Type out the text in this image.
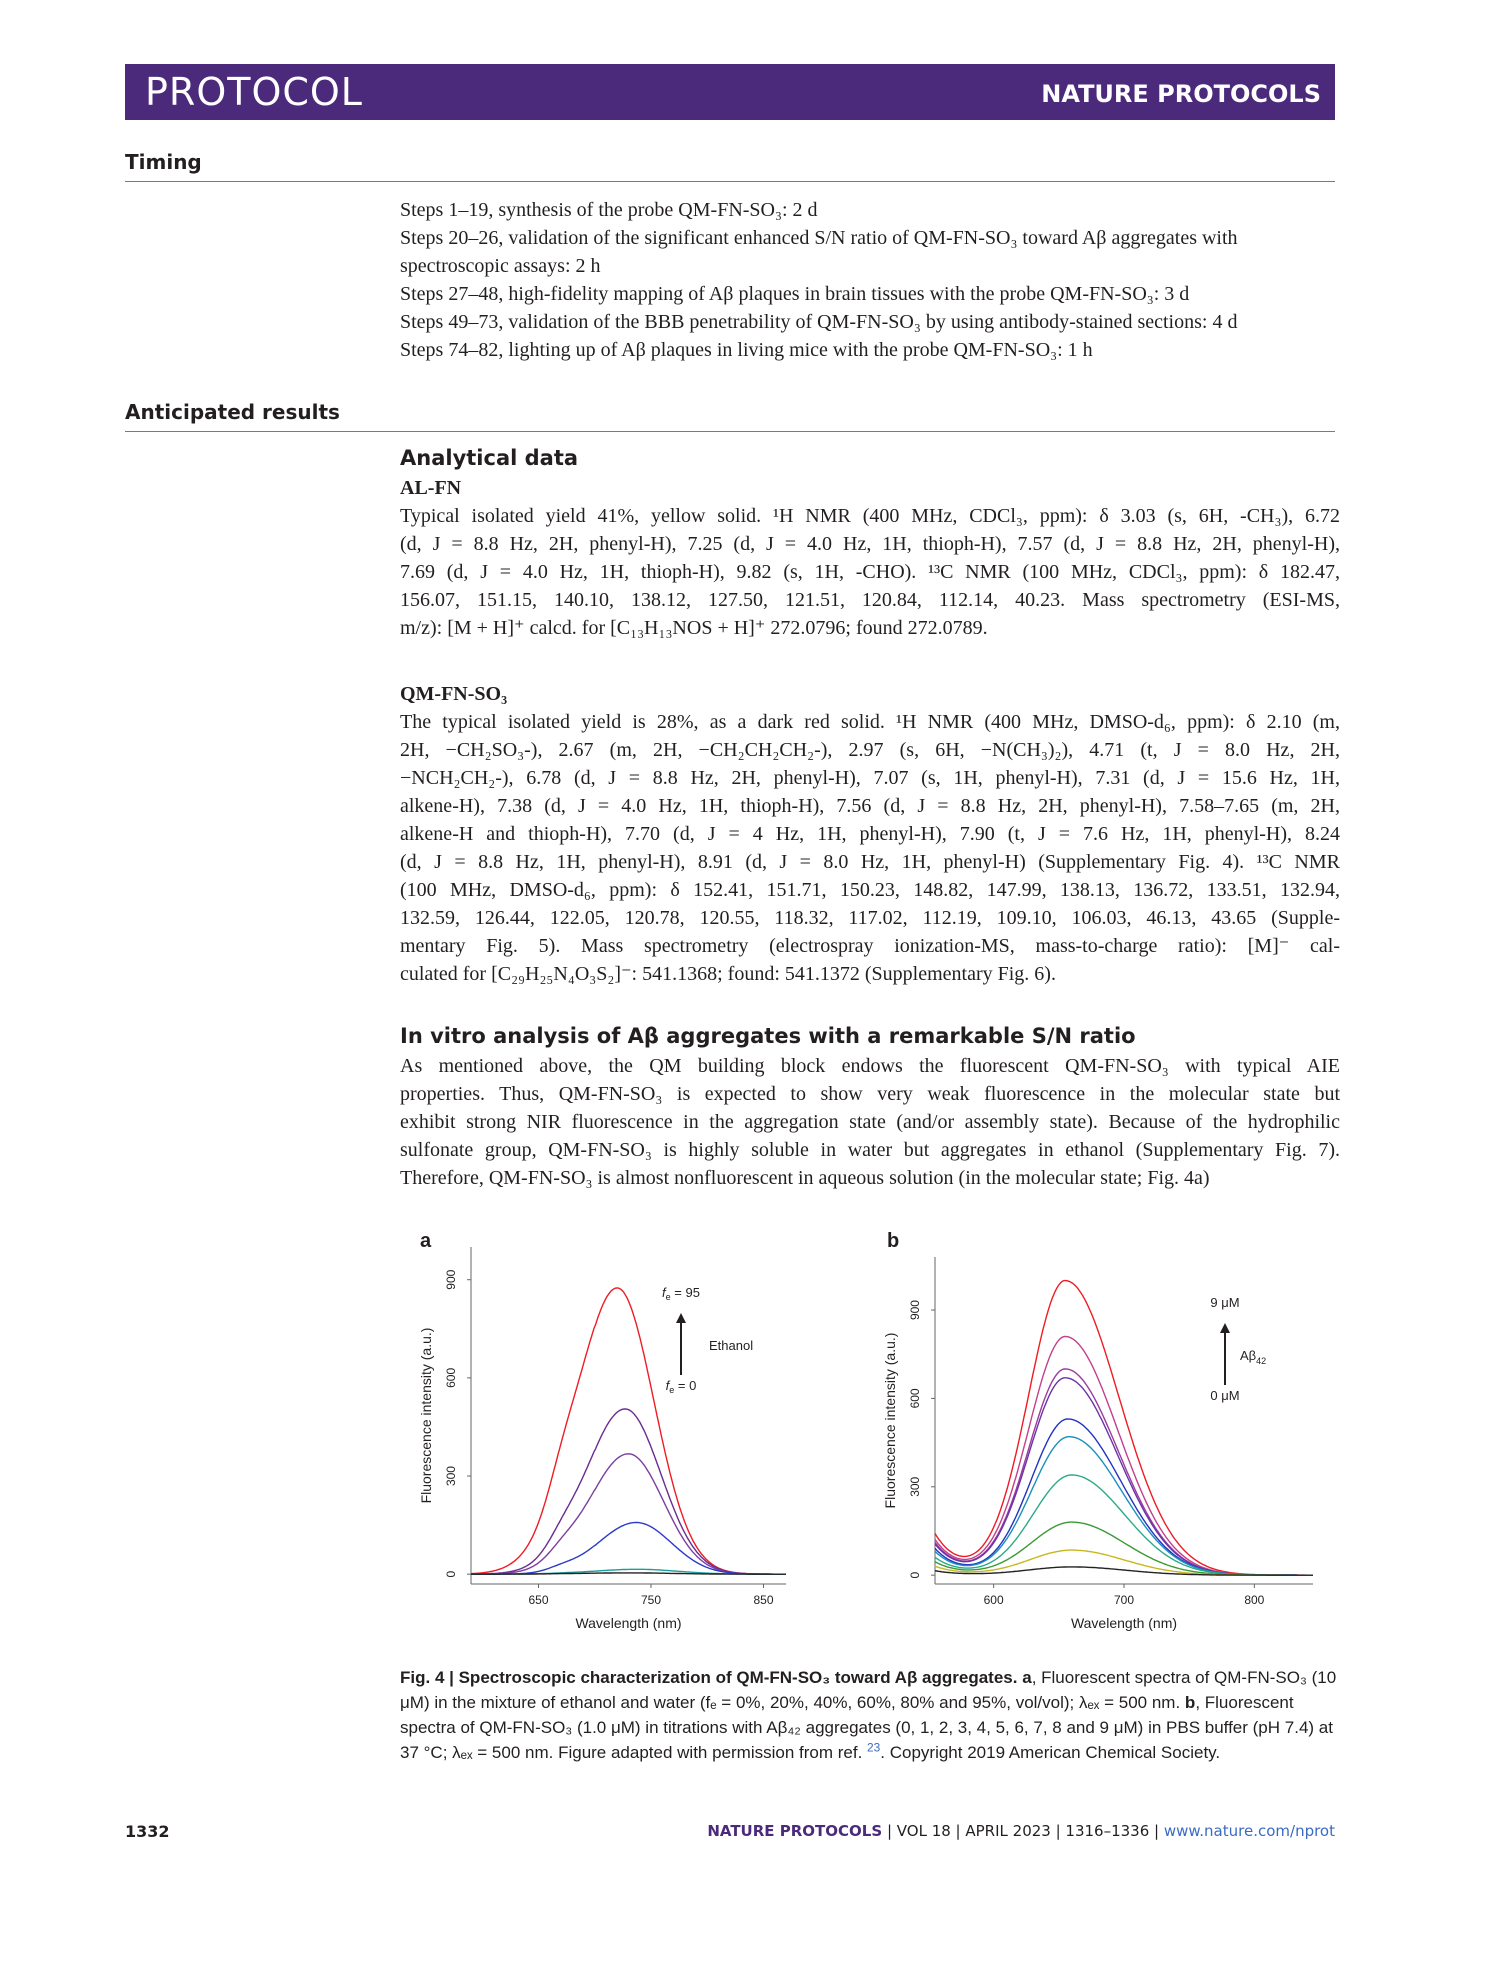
PROTOCOL	NATURE PROTOCOLS
Timing
Steps 1–19, synthesis of the probe QM-FN-SO₃: 2 d
Steps 20–26, validation of the significant enhanced S/N ratio of QM-FN-SO₃ toward Aβ aggregates with
spectroscopic assays: 2 h
Steps 27–48, high-fidelity mapping of Aβ plaques in brain tissues with the probe QM-FN-SO₃: 3 d
Steps 49–73, validation of the BBB penetrability of QM-FN-SO₃ by using antibody-stained sections: 4 d
Steps 74–82, lighting up of Aβ plaques in living mice with the probe QM-FN-SO₃: 1 h
Anticipated results
Analytical data
AL-FN
Typical isolated yield 41%, yellow solid. ¹H NMR (400 MHz, CDCl₃, ppm): δ 3.03 (s, 6H, -CH₃), 6.72
(d, J = 8.8 Hz, 2H, phenyl-H), 7.25 (d, J = 4.0 Hz, 1H, thioph-H), 7.57 (d, J = 8.8 Hz, 2H, phenyl-H),
7.69 (d, J = 4.0 Hz, 1H, thioph-H), 9.82 (s, 1H, -CHO). ¹³C NMR (100 MHz, CDCl₃, ppm): δ 182.47,
156.07, 151.15, 140.10, 138.12, 127.50, 121.51, 120.84, 112.14, 40.23. Mass spectrometry (ESI-MS,
m/z): [M + H]⁺ calcd. for [C₁₃H₁₃NOS + H]⁺ 272.0796; found 272.0789.
QM-FN-SO₃
The typical isolated yield is 28%, as a dark red solid. ¹H NMR (400 MHz, DMSO-d₆, ppm): δ 2.10 (m,
2H, −CH₂SO₃-), 2.67 (m, 2H, −CH₂CH₂CH₂-), 2.97 (s, 6H, −N(CH₃)₂), 4.71 (t, J = 8.0 Hz, 2H,
−NCH₂CH₂-), 6.78 (d, J = 8.8 Hz, 2H, phenyl-H), 7.07 (s, 1H, phenyl-H), 7.31 (d, J = 15.6 Hz, 1H,
alkene-H), 7.38 (d, J = 4.0 Hz, 1H, thioph-H), 7.56 (d, J = 8.8 Hz, 2H, phenyl-H), 7.58–7.65 (m, 2H,
alkene-H and thioph-H), 7.70 (d, J = 4 Hz, 1H, phenyl-H), 7.90 (t, J = 7.6 Hz, 1H, phenyl-H), 8.24
(d, J = 8.8 Hz, 1H, phenyl-H), 8.91 (d, J = 8.0 Hz, 1H, phenyl-H) (Supplementary Fig. 4). ¹³C NMR
(100 MHz, DMSO-d₆, ppm): δ 152.41, 151.71, 150.23, 148.82, 147.99, 138.13, 136.72, 133.51, 132.94,
132.59, 126.44, 122.05, 120.78, 120.55, 118.32, 117.02, 112.19, 109.10, 106.03, 46.13, 43.65 (Supple-
mentary Fig. 5). Mass spectrometry (electrospray ionization-MS, mass-to-charge ratio): [M]⁻ cal-
culated for [C₂₉H₂₅N₄O₃S₂]⁻: 541.1368; found: 541.1372 (Supplementary Fig. 6).
In vitro analysis of Aβ aggregates with a remarkable S/N ratio
As mentioned above, the QM building block endows the fluorescent QM-FN-SO₃ with typical AIE
properties. Thus, QM-FN-SO₃ is expected to show very weak fluorescence in the molecular state but
exhibit strong NIR fluorescence in the aggregation state (and/or assembly state). Because of the hydrophilic
sulfonate group, QM-FN-SO₃ is highly soluble in water but aggregates in ethanol (Supplementary Fig. 7).
Therefore, QM-FN-SO₃ is almost nonfluorescent in aqueous solution (in the molecular state; Fig. 4a)
a
0
300
600
900
650	750	850
Wavelength (nm)
Fluorescence intensity (a.u.)
$f_e = 95$
Ethanol
$f_e = 0$
b
0
300
600
900
600	700	800
Wavelength (nm)
Fluorescence intensity (a.u.)
9 μM
$A\beta_{42}$
0 μM
Fig. 4 | Spectroscopic characterization of QM-FN-SO₃ toward Aβ aggregates. a, Fluorescent spectra of QM-FN-SO₃ (10 μM) in the mixture of ethanol and water (fₑ = 0%, 20%, 40%, 60%, 80% and 95%, vol/vol); λₑₓ = 500 nm. b, Fluorescent spectra of QM-FN-SO₃ (1.0 μM) in titrations with Aβ₄₂ aggregates (0, 1, 2, 3, 4, 5, 6, 7, 8 and 9 μM) in PBS buffer (pH 7.4) at 37 °C; λₑₓ = 500 nm. Figure adapted with permission from ref. $^{23}$. Copyright 2019 American Chemical Society.
1332	NATURE PROTOCOLS | VOL 18 | APRIL 2023 | 1316–1336 | www.nature.com/nprot
